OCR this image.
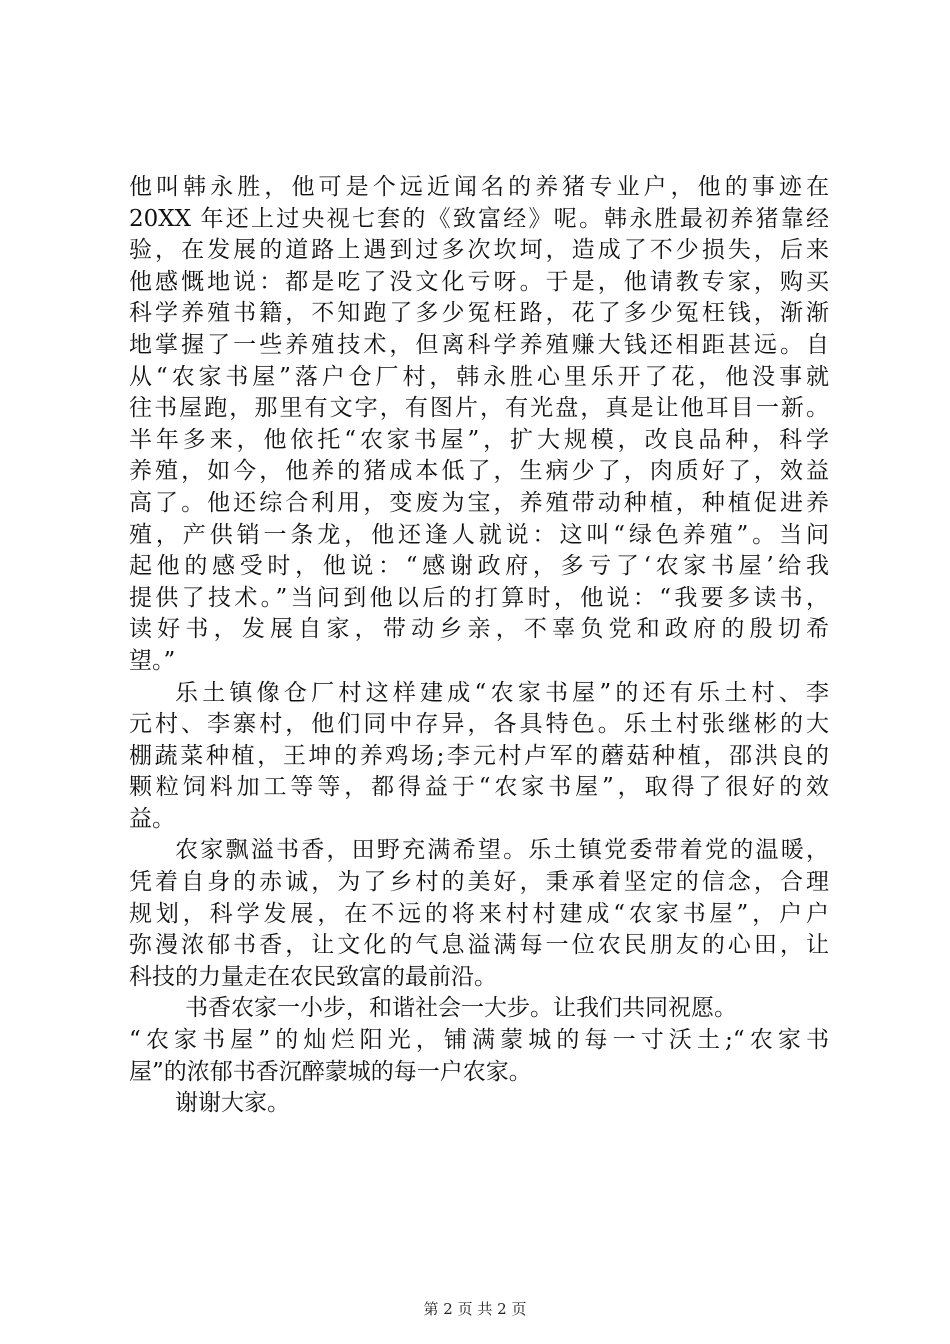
他叫韩永胜，他可是个远近闻名的养猪专业户，他的事迹在
20XX 年还上过央视七套的《致富经》呢。韩永胜最初养猪靠经
验，在发展的道路上遇到过多次坎坷，造成了不少损失，后来
他感慨地说：都是吃了没文化亏呀。于是，他请教专家，购买
科学养殖书籍，不知跑了多少冤枉路，花了多少冤枉钱，渐渐
地掌握了一些养殖技术，但离科学养殖赚大钱还相距甚远。自
从“农家书屋”落户仓厂村，韩永胜心里乐开了花，他没事就
往书屋跑，那里有文字，有图片，有光盘，真是让他耳目一新。
半年多来，他依托“农家书屋”，扩大规模，改良品种，科学
养殖，如今，他养的猪成本低了，生病少了，肉质好了，效益
高了。他还综合利用，变废为宝，养殖带动种植，种植促进养
殖，产供销一条龙，他还逢人就说：这叫“绿色养殖”。当问
起他的感受时，他说：“感谢政府，多亏了‘农家书屋’给我
提供了技术。”当问到他以后的打算时，他说：“我要多读书，
读好书，发展自家，带动乡亲，不辜负党和政府的殷切希
望。”
乐土镇像仓厂村这样建成“农家书屋”的还有乐土村、李
元村、李寨村，他们同中存异，各具特色。乐土村张继彬的大
棚蔬菜种植，王坤的养鸡场;李元村卢军的蘑菇种植，邵洪良的
颗粒饲料加工等等，都得益于“农家书屋”，取得了很好的效
益。
农家飘溢书香，田野充满希望。乐土镇党委带着党的温暖，
凭着自身的赤诚，为了乡村的美好，秉承着坚定的信念，合理
规划，科学发展，在不远的将来村村建成“农家书屋”，户户
弥漫浓郁书香，让文化的气息溢满每一位农民朋友的心田，让
科技的力量走在农民致富的最前沿。
书香农家一小步，和谐社会一大步。让我们共同祝愿。
“农家书屋”的灿烂阳光，铺满蒙城的每一寸沃土;“农家书
屋”的浓郁书香沉醉蒙城的每一户农家。
谢谢大家。
第 2 页 共 2 页
